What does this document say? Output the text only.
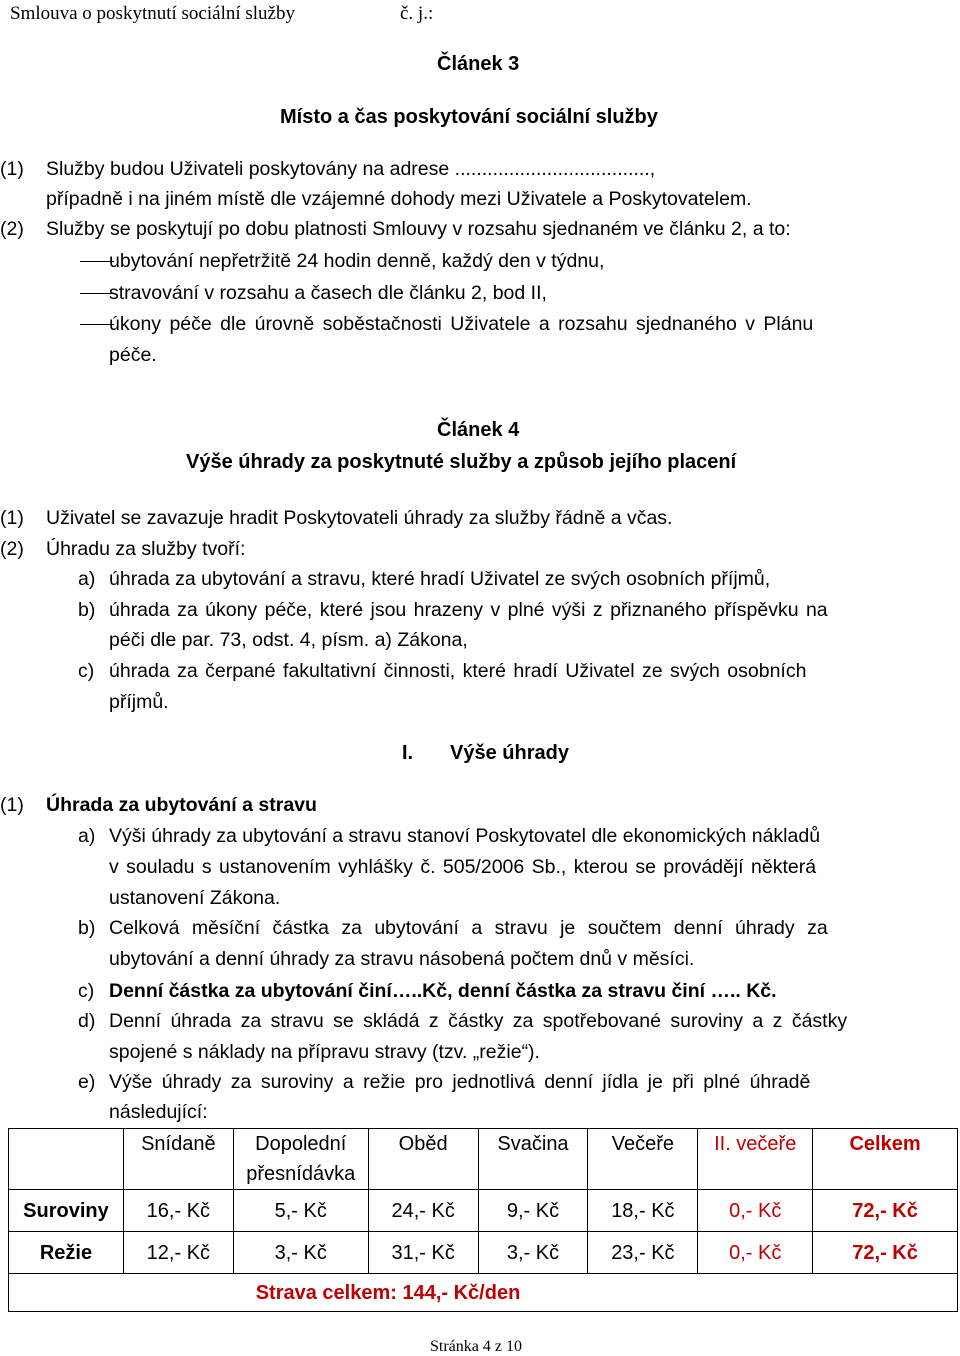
Smlouva o poskytnutí sociální služby	č. j.:
Článek 3
Místo a čas poskytování sociální služby
(1) Služby budou Uživateli poskytovány na adrese ....................................,
případně i na jiném místě dle vzájemné dohody mezi Uživatele a Poskytovatelem.
(2) Služby se poskytují po dobu platnosti Smlouvy v rozsahu sjednaném ve článku 2, a to:
ubytování nepřetržitě 24 hodin denně, každý den v týdnu,
stravování v rozsahu a časech dle článku 2, bod II,
úkony péče dle úrovně soběstačnosti Uživatele a rozsahu sjednaného v Plánu
péče.
Článek 4
Výše úhrady za poskytnuté služby a způsob jejího placení
(1) Uživatel se zavazuje hradit Poskytovateli úhrady za služby řádně a včas.
(2) Úhradu za služby tvoří:
a) úhrada za ubytování a stravu, které hradí Uživatel ze svých osobních příjmů,
b) úhrada za úkony péče, které jsou hrazeny v plné výši z přiznaného příspěvku na
péči dle par. 73, odst. 4, písm. a) Zákona,
c) úhrada za čerpané fakultativní činnosti, které hradí Uživatel ze svých osobních
příjmů.
I. Výše úhrady
(1) Úhrada za ubytování a stravu
a) Výši úhrady za ubytování a stravu stanoví Poskytovatel dle ekonomických nákladů
v souladu s ustanovením vyhlášky č. 505/2006 Sb., kterou se provádějí některá
ustanovení Zákona.
b) Celková měsíční částka za ubytování a stravu je součtem denní úhrady za
ubytování a denní úhrady za stravu násobená počtem dnů v měsíci.
c) Denní částka za ubytování činí…..Kč, denní částka za stravu činí ….. Kč.
d) Denní úhrada za stravu se skládá z částky za spotřebované suroviny a z částky
spojené s náklady na přípravu stravy (tzv. „režie“).
e) Výše úhrady za suroviny a režie pro jednotlivá denní jídla je při plné úhradě
následující:
	Snídaně	Dopolední přesnídávka	Oběd	Svačina	Večeře	II. večeře	Celkem
Suroviny	16,- Kč	5,- Kč	24,- Kč	9,- Kč	18,- Kč	0,- Kč	72,- Kč
Režie	12,- Kč	3,- Kč	31,- Kč	3,- Kč	23,- Kč	0,- Kč	72,- Kč
Strava celkem: 144,- Kč/den							
Stránka 4 z 10
